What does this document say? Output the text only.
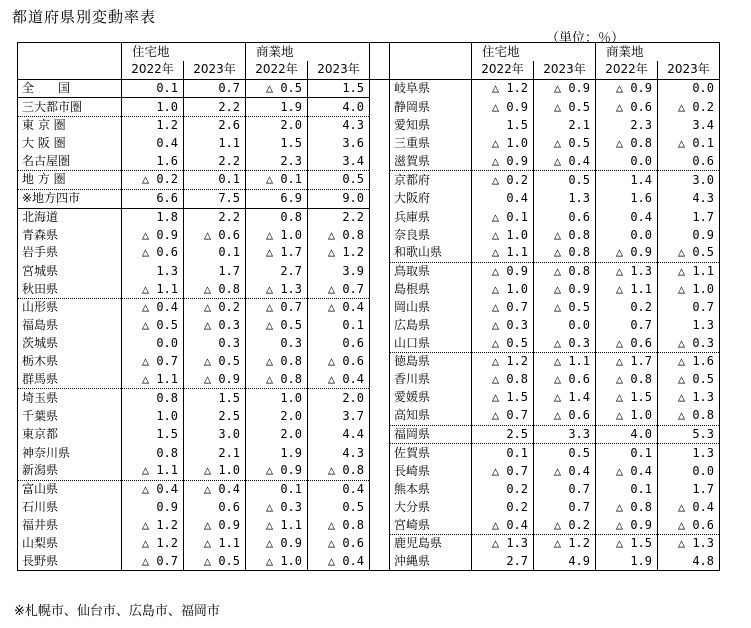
都道府県別変動率表
（単位：％）
	住宅地		商業地				住宅地		商業地	
	2022年	2023年	2022年	2023年			2022年	2023年	2022年	2023年
全　　国	0.1	0.7	△ 0.5	1.5		岐阜県	△ 1.2	△ 0.9	△ 0.9	0.0
三大都市圏	1.0	2.2	1.9	4.0		静岡県	△ 0.9	△ 0.5	△ 0.6	△ 0.2
東 京 圏	1.2	2.6	2.0	4.3		愛知県	1.5	2.1	2.3	3.4
大 阪 圏	0.4	1.1	1.5	3.6		三重県	△ 1.0	△ 0.5	△ 0.8	△ 0.1
名古屋圏	1.6	2.2	2.3	3.4		滋賀県	△ 0.9	△ 0.4	0.0	0.6
地 方 圏	△ 0.2	0.1	△ 0.1	0.5		京都府	△ 0.2	0.5	1.4	3.0
※地方四市	6.6	7.5	6.9	9.0		大阪府	0.4	1.3	1.6	4.3
北海道	1.8	2.2	0.8	2.2		兵庫県	△ 0.1	0.6	0.4	1.7
青森県	△ 0.9	△ 0.6	△ 1.0	△ 0.8		奈良県	△ 1.0	△ 0.8	0.0	0.9
岩手県	△ 0.6	0.1	△ 1.7	△ 1.2		和歌山県	△ 1.1	△ 0.8	△ 0.9	△ 0.5
宮城県	1.3	1.7	2.7	3.9		鳥取県	△ 0.9	△ 0.8	△ 1.3	△ 1.1
秋田県	△ 1.1	△ 0.8	△ 1.3	△ 0.7		島根県	△ 1.0	△ 0.9	△ 1.1	△ 1.0
山形県	△ 0.4	△ 0.2	△ 0.7	△ 0.4		岡山県	△ 0.7	△ 0.5	0.2	0.7
福島県	△ 0.5	△ 0.3	△ 0.5	0.1		広島県	△ 0.3	0.0	0.7	1.3
茨城県	0.0	0.3	0.3	0.6		山口県	△ 0.5	△ 0.3	△ 0.6	△ 0.3
栃木県	△ 0.7	△ 0.5	△ 0.8	△ 0.6		徳島県	△ 1.2	△ 1.1	△ 1.7	△ 1.6
群馬県	△ 1.1	△ 0.9	△ 0.8	△ 0.4		香川県	△ 0.8	△ 0.6	△ 0.8	△ 0.5
埼玉県	0.8	1.5	1.0	2.0		愛媛県	△ 1.5	△ 1.4	△ 1.5	△ 1.3
千葉県	1.0	2.5	2.0	3.7		高知県	△ 0.7	△ 0.6	△ 1.0	△ 0.8
東京都	1.5	3.0	2.0	4.4		福岡県	2.5	3.3	4.0	5.3
神奈川県	0.8	2.1	1.9	4.3		佐賀県	0.1	0.5	0.1	1.3
新潟県	△ 1.1	△ 1.0	△ 0.9	△ 0.8		長崎県	△ 0.7	△ 0.4	△ 0.4	0.0
富山県	△ 0.4	△ 0.4	0.1	0.4		熊本県	0.2	0.7	0.1	1.7
石川県	0.9	0.6	△ 0.3	0.5		大分県	0.2	0.7	△ 0.8	△ 0.4
福井県	△ 1.2	△ 0.9	△ 1.1	△ 0.8		宮崎県	△ 0.4	△ 0.2	△ 0.9	△ 0.6
山梨県	△ 1.2	△ 1.1	△ 0.9	△ 0.6		鹿児島県	△ 1.3	△ 1.2	△ 1.5	△ 1.3
長野県	△ 0.7	△ 0.5	△ 1.0	△ 0.4		沖縄県	2.7	4.9	1.9	4.8
※札幌市、仙台市、広島市、福岡市
